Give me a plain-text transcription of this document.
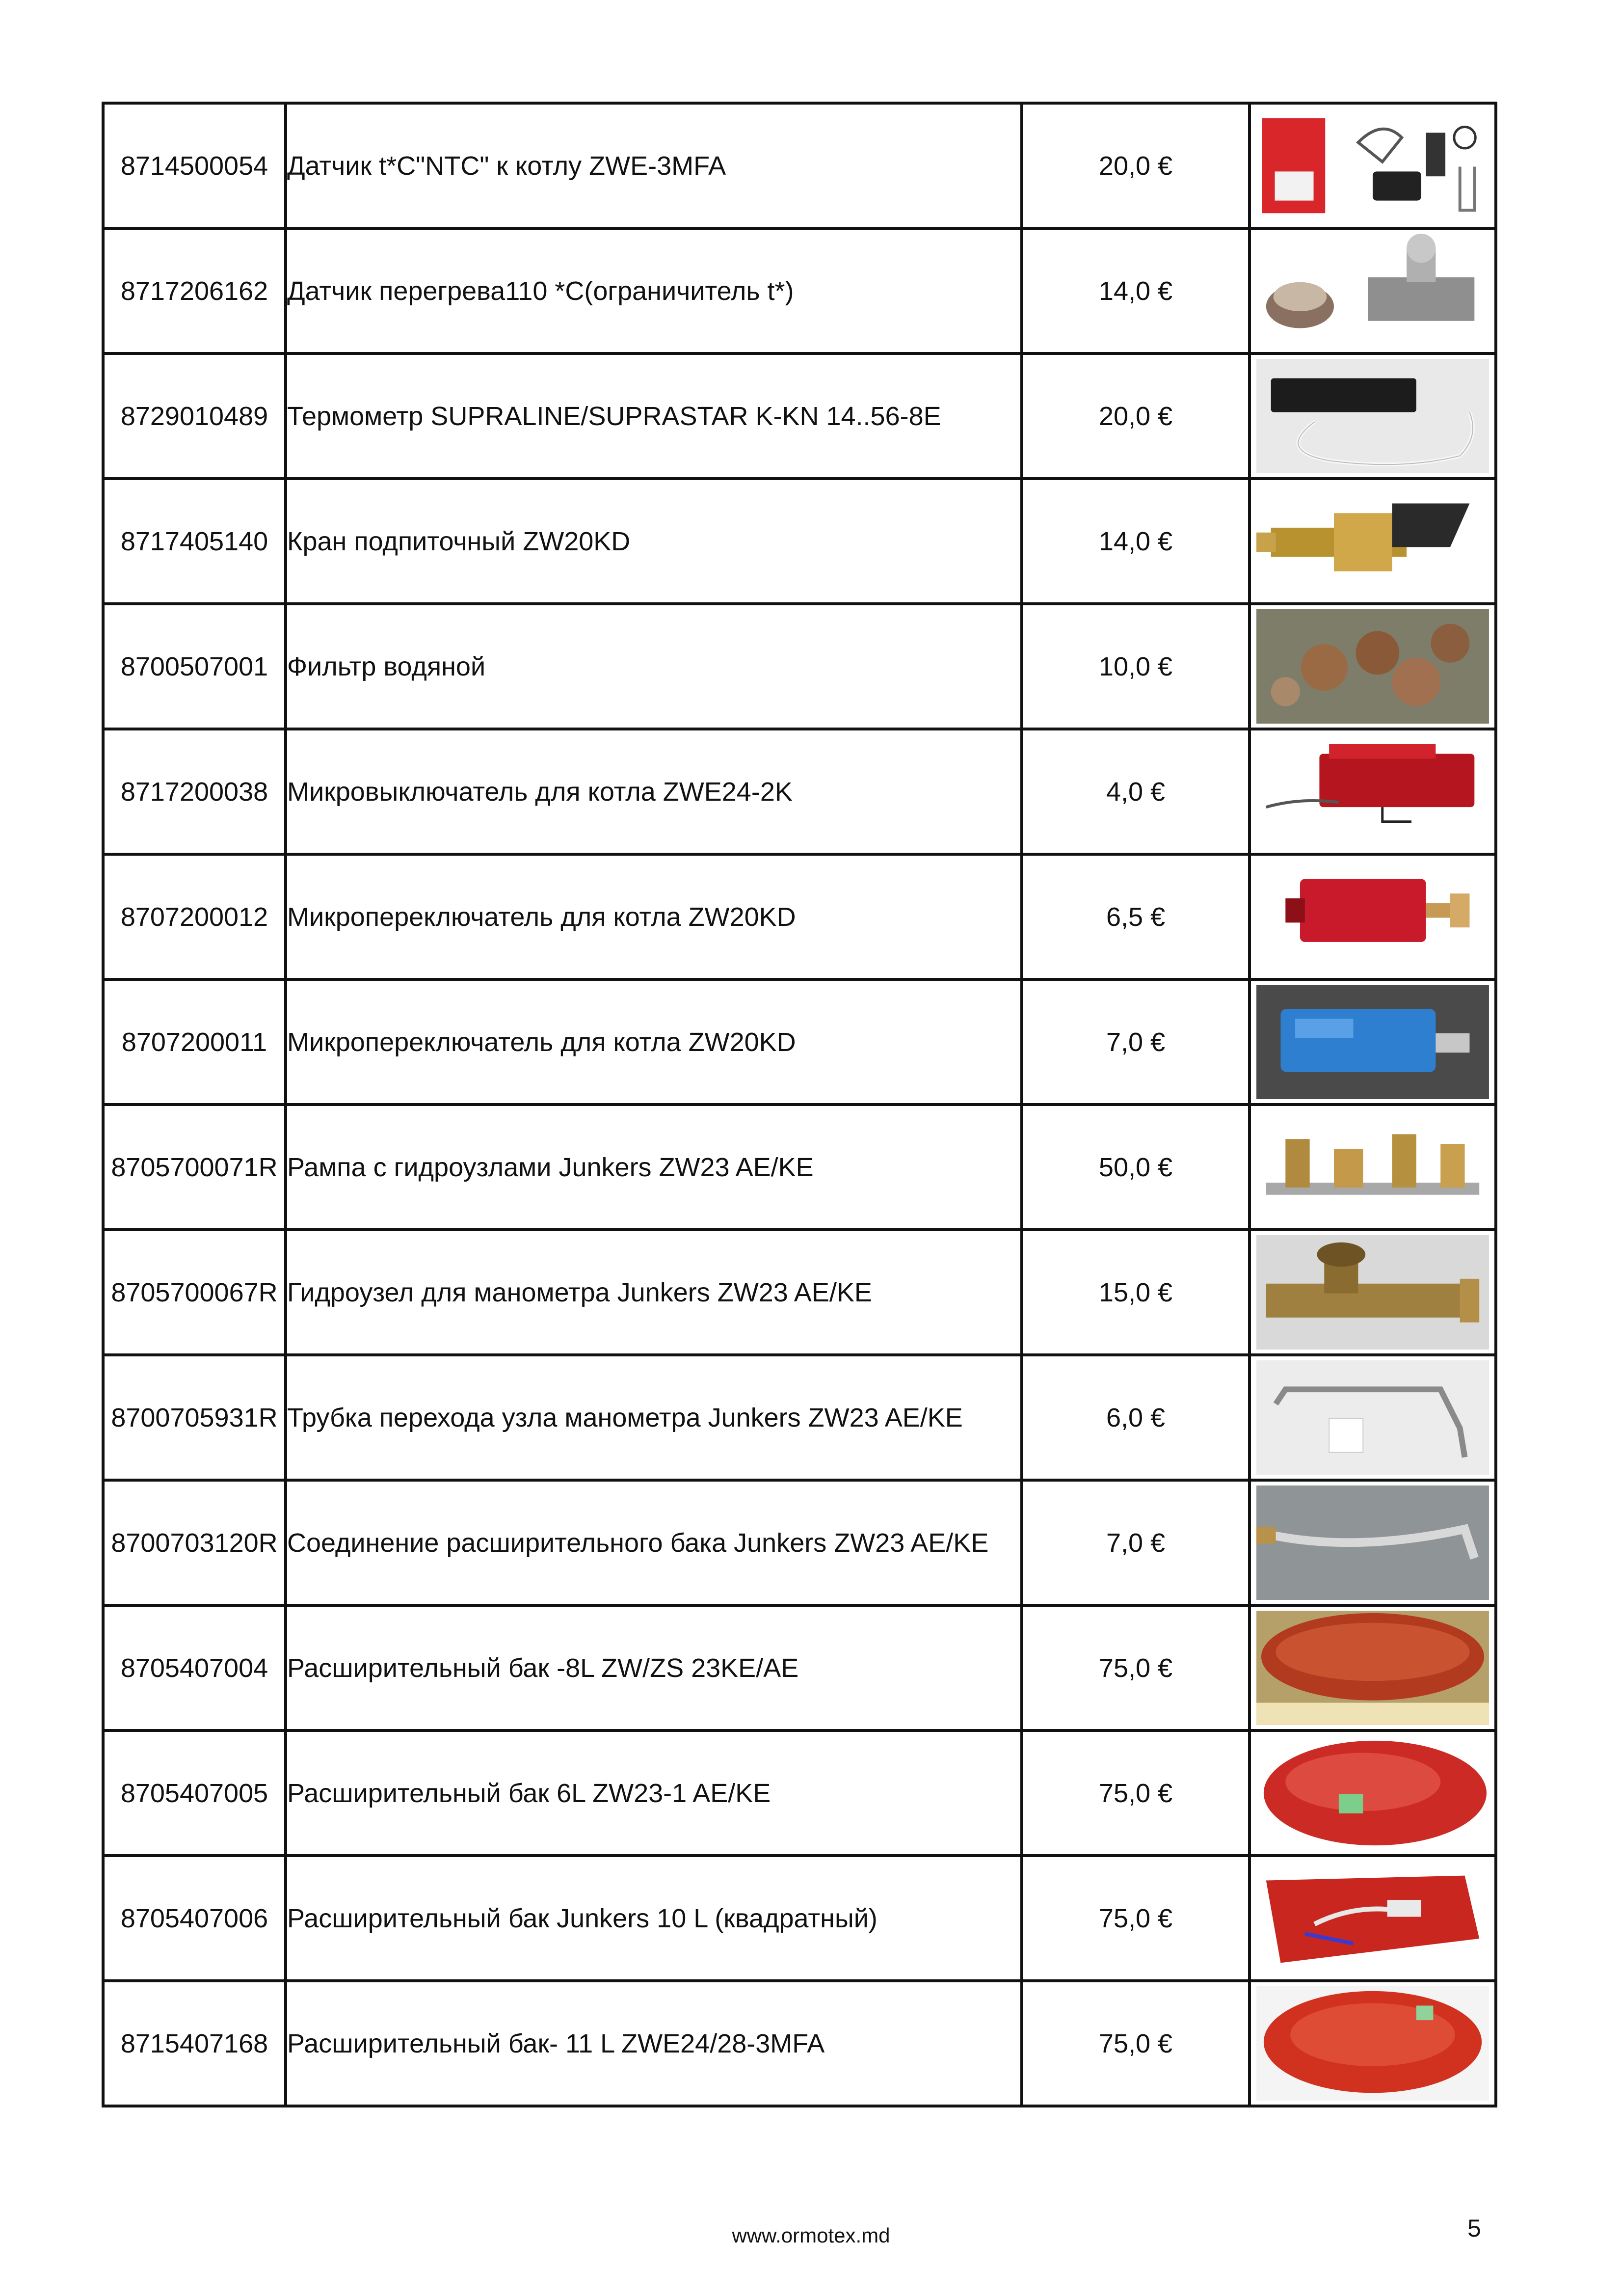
8714500054	Датчик t*C"NTC" к котлу ZWE-3MFA	20,0 €	

8717206162	Датчик перегрева110 *С(ограничитель t*)	14,0 €	

8729010489	Термометр SUPRALINE/SUPRASTAR K-KN 14..56-8E	20,0 €	

8717405140	Кран подпиточный ZW20KD	14,0 €	

8700507001	Фильтр водяной	10,0 €	

8717200038	Микровыключатель для котла ZWE24-2K	4,0 €	

8707200012	Микропереключатель для котла ZW20KD	6,5 €	

8707200011	Микропереключатель для котла ZW20KD	7,0 €	

8705700071R	Рампа с гидроузлами Junkers ZW23 AE/KE	50,0 €	

8705700067R	Гидроузел для манометра Junkers ZW23 AE/KE	15,0 €	

8700705931R	Трубка перехода узла манометра Junkers ZW23 AE/KE	6,0 €	

8700703120R	Соединение расширительного бака Junkers ZW23 AE/KE	7,0 €	

8705407004	Расширительный бак -8L ZW/ZS 23KE/AE	75,0 €	

8705407005	Расширительный бак 6L ZW23-1 AE/KE	75,0 €	

8705407006	Расширительный бак Junkers 10 L (квадратный)	75,0 €	

8715407168	Расширительный бак- 11 L ZWE24/28-3MFA	75,0 €	
www.ormotex.md	5
